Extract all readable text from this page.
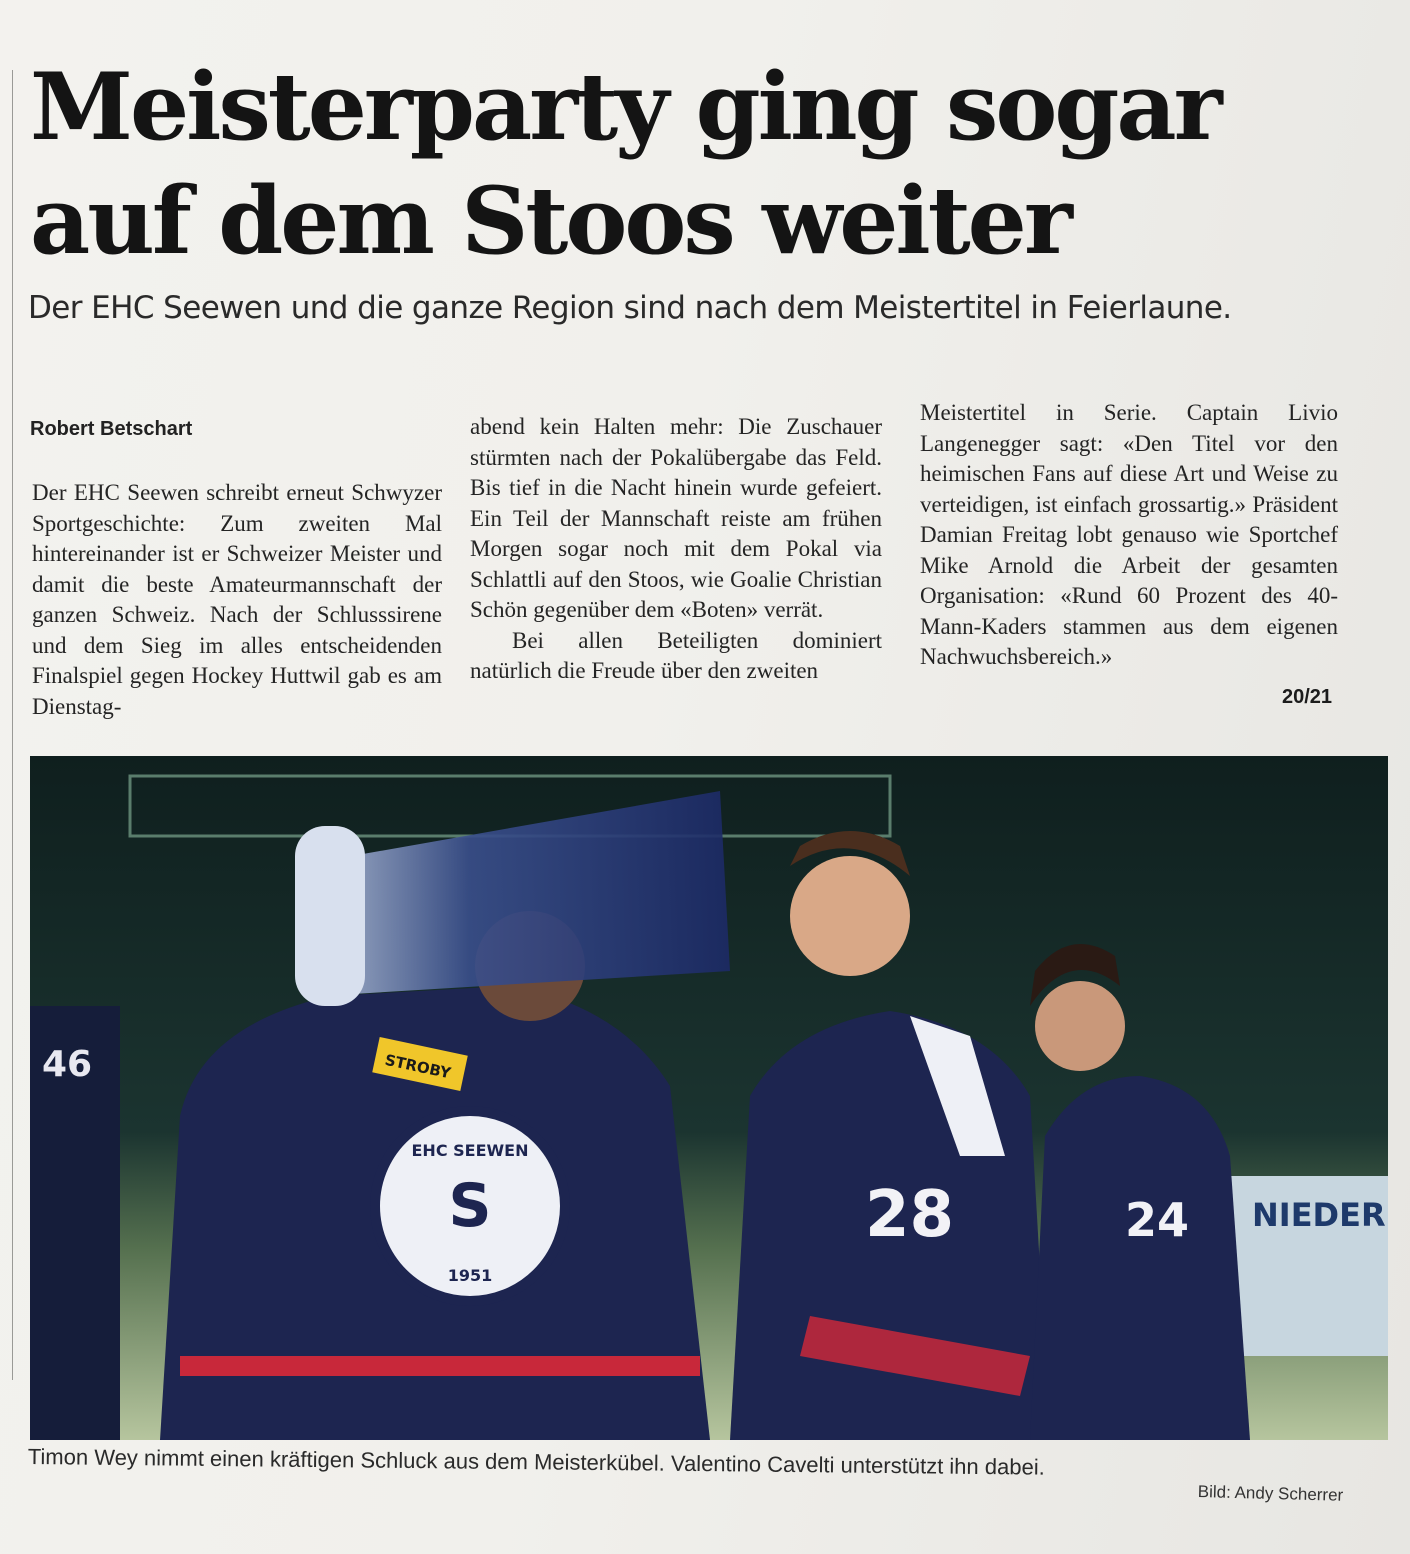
Meisterparty ging sogar auf dem Stoos weiter
Der EHC Seewen und die ganze Region sind nach dem Meistertitel in Feierlaune.
Robert Betschart

Der EHC Seewen schreibt erneut Schwyzer Sportgeschichte: Zum zweiten Mal hintereinander ist er Schweizer Meister und damit die beste Amateurmannschaft der ganzen Schweiz. Nach der Schlusssirene und dem Sieg im alles entscheidenden Finalspiel gegen Hockey Huttwil gab es am Dienstag-

abend kein Halten mehr: Die Zuschauer stürmten nach der Pokalübergabe das Feld. Bis tief in die Nacht hinein wurde gefeiert. Ein Teil der Mannschaft reiste am frühen Morgen sogar noch mit dem Pokal via Schlattli auf den Stoos, wie Goalie Christian Schön gegenüber dem «Boten» verrät.

Bei allen Beteiligten dominiert natürlich die Freude über den zweiten

Meistertitel in Serie. Captain Livio Langenegger sagt: «Den Titel vor den heimischen Fans auf diese Art und Weise zu verteidigen, ist einfach grossartig.» Präsident Damian Freitag lobt genauso wie Sportchef Mike Arnold die Arbeit der gesamten Organisation: «Rund 60 Prozent des 40-Mann-Kaders stammen aus dem eigenen Nachwuchsbereich.»

20/21
NIEDER
46
EHC SEEWEN
S
1951
STROBY
28	24
Timon Wey nimmt einen kräftigen Schluck aus dem Meisterkübel. Valentino Cavelti unterstützt ihn dabei.
Bild: Andy Scherrer
